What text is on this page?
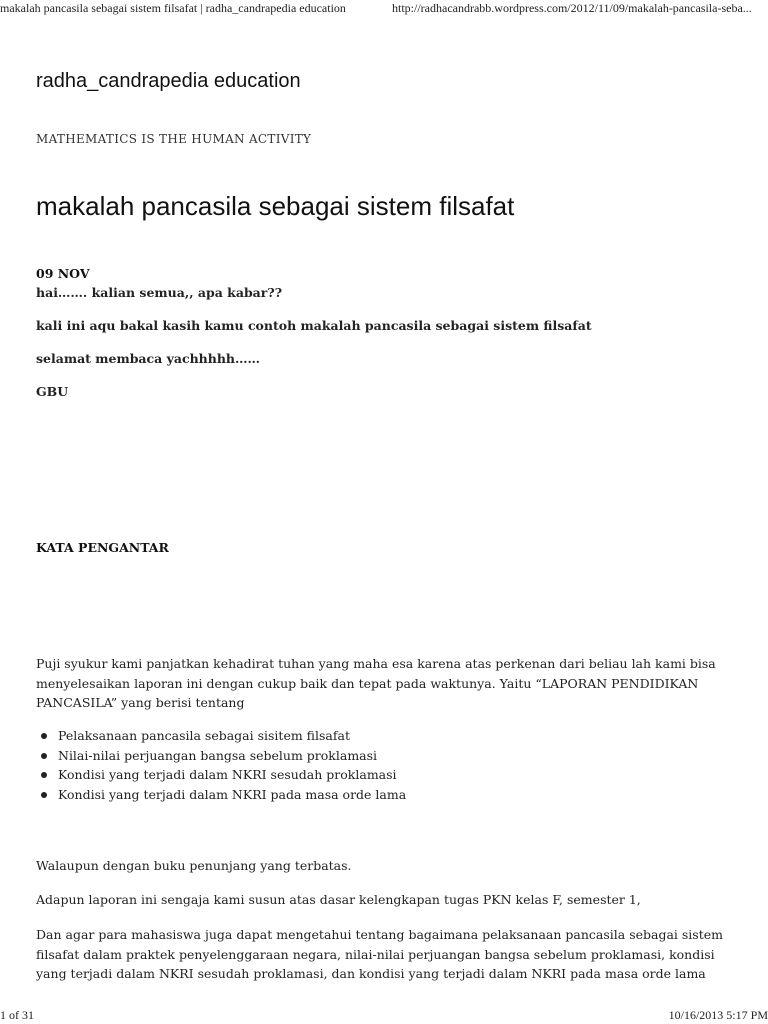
makalah pancasila sebagai sistem filsafat | radha_candrapedia education	http://radhacandrabb.wordpress.com/2012/11/09/makalah-pancasila-seba...
radha_candrapedia education
MATHEMATICS IS THE HUMAN ACTIVITY
makalah pancasila sebagai sistem filsafat
09 NOV

hai……. kalian semua,, apa kabar??

kali ini aqu bakal kasih kamu contoh makalah pancasila sebagai sistem filsafat

selamat membaca yachhhhh……

GBU

KATA PENGANTAR

Puji syukur kami panjatkan kehadirat tuhan yang maha esa karena atas perkenan dari beliau lah kami bisa menyelesaikan laporan ini dengan cukup baik dan tepat pada waktunya. Yaitu “LAPORAN PENDIDIKAN PANCASILA” yang berisi tentang

Pelaksanaan pancasila sebagai sisitem filsafat
Nilai-nilai perjuangan bangsa sebelum proklamasi
Kondisi yang terjadi dalam NKRI sesudah proklamasi
Kondisi yang terjadi dalam NKRI pada masa orde lama

Walaupun dengan buku penunjang yang terbatas.

Adapun laporan ini sengaja kami susun atas dasar kelengkapan tugas PKN kelas F, semester 1,

Dan agar para mahasiswa juga dapat mengetahui tentang bagaimana pelaksanaan pancasila sebagai sistem filsafat dalam praktek penyelenggaraan negara, nilai-nilai perjuangan bangsa sebelum proklamasi, kondisi yang terjadi dalam NKRI sesudah proklamasi, dan kondisi yang terjadi dalam NKRI pada masa orde lama

1 of 31	10/16/2013 5:17 PM
